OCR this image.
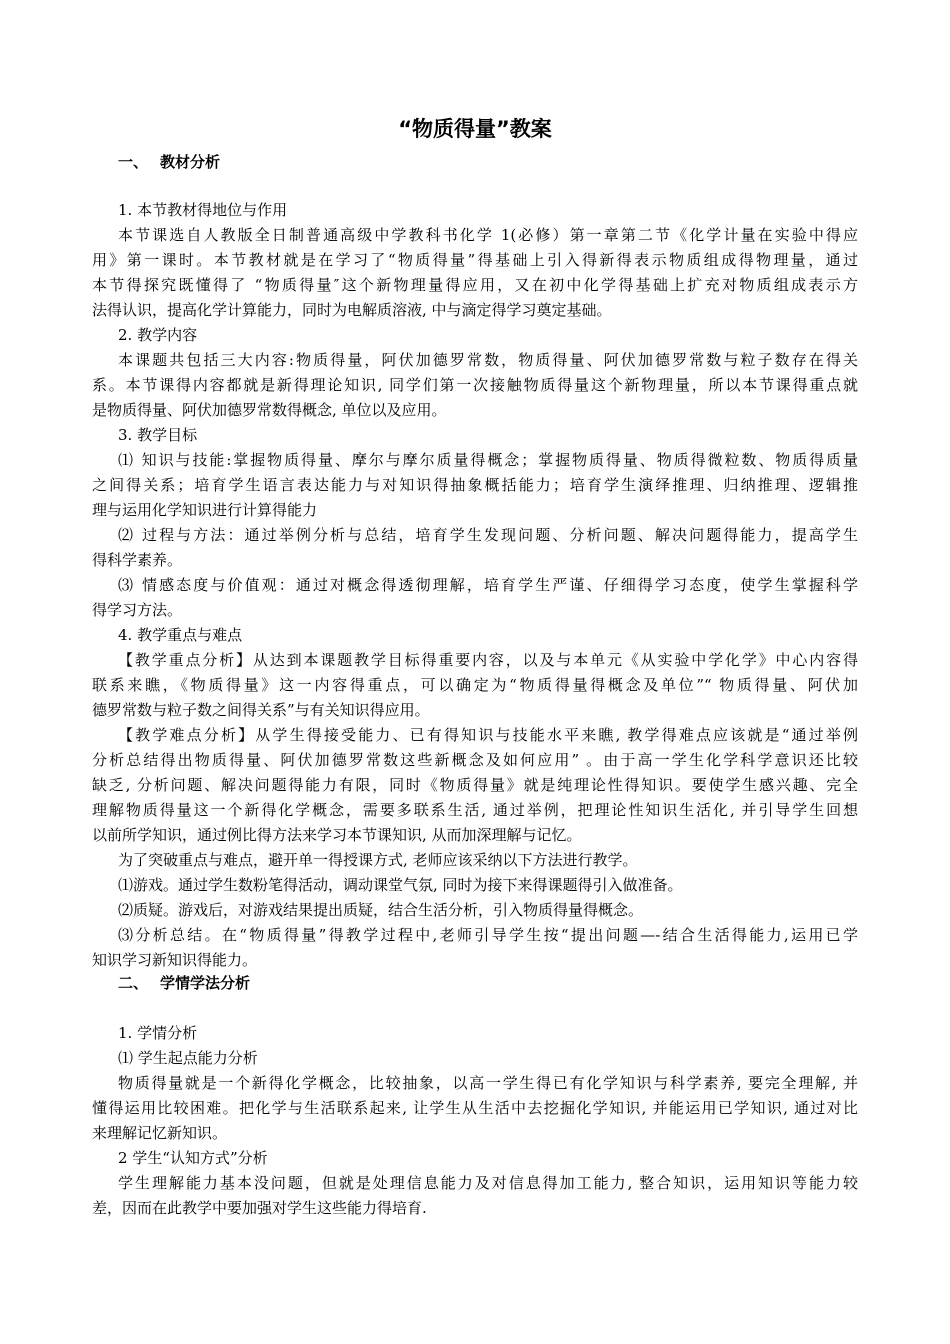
“物质得量”教案
一、 教材分析
1. 本节教材得地位与作用
本节课选自人教版全日制普通高级中学教科书化学 1(必修）第一章第二节《化学计量在实验中得应
用》第一课时。本节教材就是在学习了“物质得量”得基础上引入得新得表示物质组成得物理量，通过
本节得探究既懂得了 “物质得量″这个新物理量得应用，又在初中化学得基础上扩充对物质组成表示方
法得认识，提高化学计算能力，同时为电解质溶液, 中与滴定得学习奠定基础。
2. 教学内容
本课题共包括三大内容:物质得量，阿伏加德罗常数，物质得量、阿伏加德罗常数与粒子数存在得关
系。本节课得内容都就是新得理论知识, 同学们第一次接触物质得量这个新物理量，所以本节课得重点就
是物质得量、阿伏加德罗常数得概念, 单位以及应用。
3. 教学目标
⑴ 知识与技能:掌握物质得量、摩尔与摩尔质量得概念；掌握物质得量、物质得微粒数、物质得质量
之间得关系；培育学生语言表达能力与对知识得抽象概括能力；培育学生演绎推理、归纳推理、逻辑推
理与运用化学知识进行计算得能力
⑵ 过程与方法：通过举例分析与总结，培育学生发现问题、分析问题、解决问题得能力，提高学生
得科学素养。
⑶ 情感态度与价值观：通过对概念得透彻理解，培育学生严谨、仔细得学习态度，使学生掌握科学
得学习方法。
4. 教学重点与难点
【教学重点分析】从达到本课题教学目标得重要内容，以及与本单元《从实验中学化学》中心内容得
联系来瞧，《物质得量》这一内容得重点，可以确定为“物质得量得概念及单位”“ 物质得量、阿伏加
德罗常数与粒子数之间得关系”与有关知识得应用。
【教学难点分析】从学生得接受能力、已有得知识与技能水平来瞧, 教学得难点应该就是“通过举例
分析总结得出物质得量、阿伏加德罗常数这些新概念及如何应用” 。由于高一学生化学科学意识还比较
缺乏, 分析问题、解决问题得能力有限，同时《物质得量》就是纯理论性得知识。要使学生感兴趣、完全
理解物质得量这一个新得化学概念，需要多联系生活, 通过举例，把理论性知识生活化, 并引导学生回想
以前所学知识，通过例比得方法来学习本节课知识, 从而加深理解与记忆。
为了突破重点与难点，避开单一得授课方式, 老师应该采纳以下方法进行教学。
⑴游戏。通过学生数粉笔得活动，调动课堂气氛, 同时为接下来得课题得引入做准备。
⑵质疑。游戏后，对游戏结果提出质疑，结合生活分析，引入物质得量得概念。
⑶分析总结。在“物质得量”得教学过程中,老师引导学生按“提出问题—-结合生活得能力,运用已学
知识学习新知识得能力。
二、 学情学法分析
1. 学情分析
⑴ 学生起点能力分析
物质得量就是一个新得化学概念，比较抽象，以高一学生得已有化学知识与科学素养, 要完全理解, 并
懂得运用比较困难。把化学与生活联系起来, 让学生从生活中去挖掘化学知识, 并能运用已学知识, 通过对比
来理解记忆新知识。
2 学生“认知方式”分析
学生理解能力基本没问题，但就是处理信息能力及对信息得加工能力, 整合知识，运用知识等能力较
差，因而在此教学中要加强对学生这些能力得培育.
